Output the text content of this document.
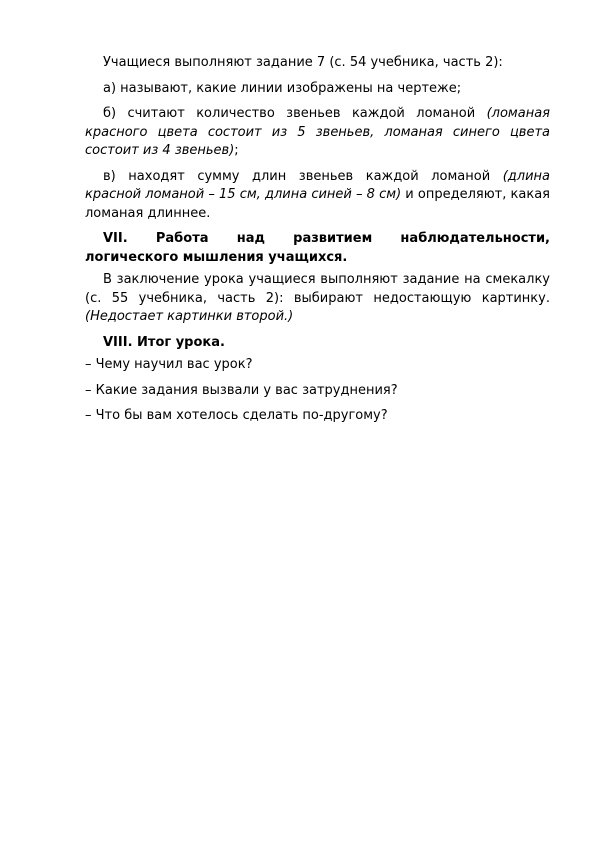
Учащиеся выполняют задание 7 (с. 54 учебника, часть 2):

а) называют, какие линии изображены на чертеже;

б) считают количество звеньев каждой ломаной (ломаная красного цвета состоит из 5 звеньев, ломаная синего цвета состоит из 4 звеньев);

в) находят сумму длин звеньев каждой ломаной (длина красной ломаной – 15 см, длина синей – 8 см) и определяют, какая ломаная длиннее.

VII. Работа над развитием наблюдательности, логического мышления учащихся.

В заключение урока учащиеся выполняют задание на смекалку (с. 55 учебника, часть 2): выбирают недостающую картинку. (Недостает картинки второй.)

VIII. Итог урока.

– Чему научил вас урок?

– Какие задания вызвали у вас затруднения?

– Что бы вам хотелось сделать по-другому?
